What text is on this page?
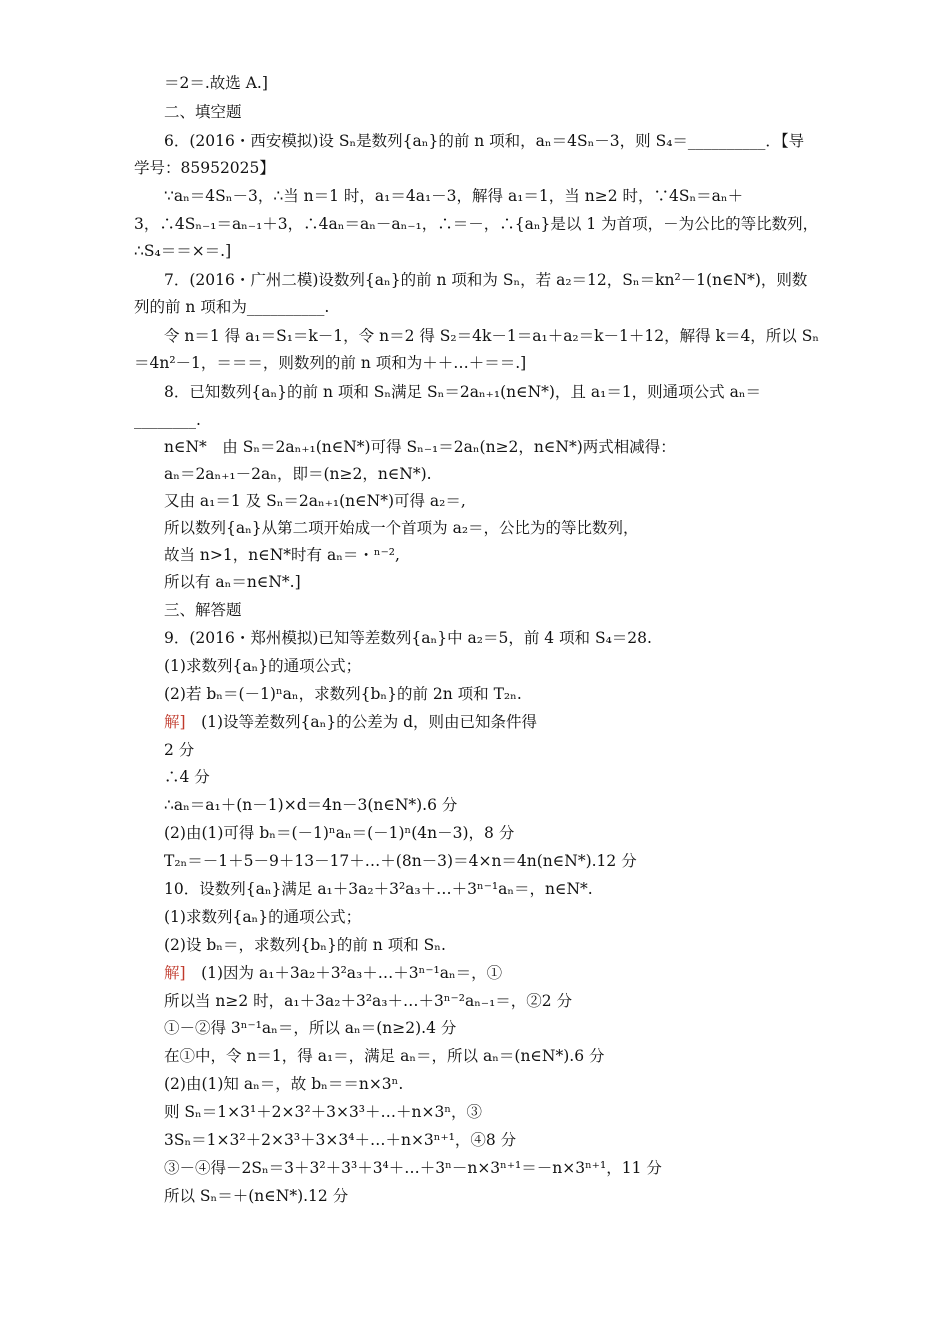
＝2＝.故选 A.]
二、填空题
6．(2016・西安模拟)设 Sₙ是数列{aₙ}的前 n 项和，aₙ＝4Sₙ－3，则 S₄＝__________．【导
学号：85952025】
∵aₙ＝4Sₙ－3，∴当 n＝1 时，a₁＝4a₁－3，解得 a₁＝1，当 n≥2 时，∵4Sₙ＝aₙ＋
3，∴4Sₙ₋₁＝aₙ₋₁＋3，∴4aₙ＝aₙ－aₙ₋₁，∴＝－，∴{aₙ}是以 1 为首项，－为公比的等比数列，
∴S₄＝＝×＝.]
7．(2016・广州二模)设数列{aₙ}的前 n 项和为 Sₙ，若 a₂＝12，Sₙ＝kn²－1(n∈N*)，则数
列的前 n 项和为__________.
令 n＝1 得 a₁＝S₁＝k－1，令 n＝2 得 S₂＝4k－1＝a₁＋a₂＝k－1＋12，解得 k＝4，所以 Sₙ
＝4n²－1，＝＝＝，则数列的前 n 项和为＋＋…＋＝＝.]
8．已知数列{aₙ}的前 n 项和 Sₙ满足 Sₙ＝2aₙ₊₁(n∈N*)，且 a₁＝1，则通项公式 aₙ＝
________.
n∈N*　由 Sₙ＝2aₙ₊₁(n∈N*)可得 Sₙ₋₁＝2aₙ(n≥2，n∈N*)两式相减得：
aₙ＝2aₙ₊₁－2aₙ，即＝(n≥2，n∈N*).
又由 a₁＝1 及 Sₙ＝2aₙ₊₁(n∈N*)可得 a₂＝,
所以数列{aₙ}从第二项开始成一个首项为 a₂＝，公比为的等比数列，
故当 n>1，n∈N*时有 aₙ＝・ⁿ⁻²,
所以有 aₙ＝n∈N*.]
三、解答题
9．(2016・郑州模拟)已知等差数列{aₙ}中 a₂＝5，前 4 项和 S₄＝28.
(1)求数列{aₙ}的通项公式；
(2)若 bₙ＝(－1)ⁿaₙ，求数列{bₙ}的前 2n 项和 T₂ₙ.
解]　 (1)设等差数列{aₙ}的公差为 d，则由已知条件得
2 分
∴4 分
∴aₙ＝a₁＋(n－1)×d＝4n－3(n∈N*).6 分
(2)由(1)可得 bₙ＝(－1)ⁿaₙ＝(－1)ⁿ(4n－3)，8 分
T₂ₙ＝－1＋5－9＋13－17＋…＋(8n－3)＝4×n＝4n(n∈N*).12 分
10．设数列{aₙ}满足 a₁＋3a₂＋3²a₃＋…＋3ⁿ⁻¹aₙ＝，n∈N*.
(1)求数列{aₙ}的通项公式；
(2)设 bₙ＝，求数列{bₙ}的前 n 项和 Sₙ.
解]　 (1)因为 a₁＋3a₂＋3²a₃＋…＋3ⁿ⁻¹aₙ＝，①
所以当 n≥2 时，a₁＋3a₂＋3²a₃＋…＋3ⁿ⁻²aₙ₋₁＝，②2 分
①－②得 3ⁿ⁻¹aₙ＝，所以 aₙ＝(n≥2).4 分
在①中，令 n＝1，得 a₁＝，满足 aₙ＝，所以 aₙ＝(n∈N*).6 分
(2)由(1)知 aₙ＝，故 bₙ＝＝n×3ⁿ.
则 Sₙ＝1×3¹＋2×3²＋3×3³＋…＋n×3ⁿ，③
3Sₙ＝1×3²＋2×3³＋3×3⁴＋…＋n×3ⁿ⁺¹，④8 分
③－④得－2Sₙ＝3＋3²＋3³＋3⁴＋…＋3ⁿ－n×3ⁿ⁺¹＝－n×3ⁿ⁺¹，11 分
所以 Sₙ＝＋(n∈N*).12 分
